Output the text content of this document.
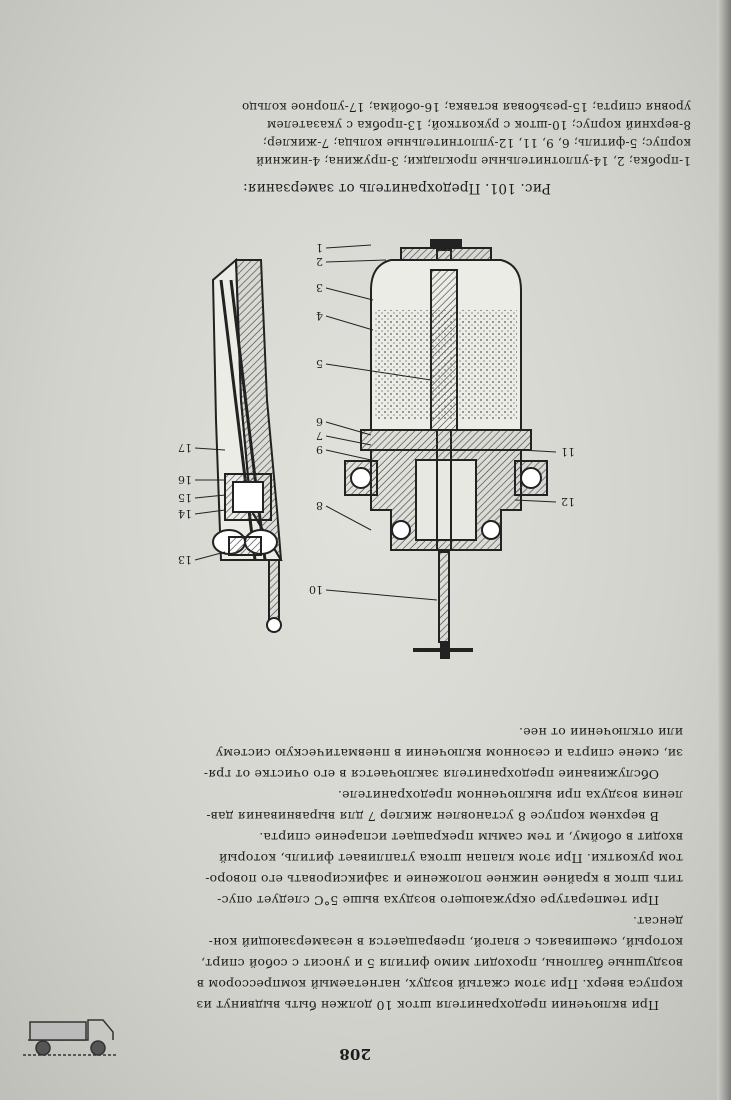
208
При включении предохранителя шток 10 должен быть выдвинут из
корпуса вверх. При этом сжатый воздух, нагнетаемый компрессором в
воздушные баллоны, проходит мимо фитиля 5 и уносит с собой спирт,
который, смешиваясь с влагой, превращается в незамерзающий кон-
денсат.
При температуре окружающего воздуха выше 5°С следует опус-
тить шток в крайнее нижнее положение и зафиксировать его поворо-
том рукоятки. При этом клапан штока утапливает фитиль, который
входит в обойму, и тем самым прекращает испарение спирта.
В верхнем корпусе 8 установлен жиклер 7 для выравнивания дав-
ления воздуха при выключенном предохранителе.
Обслуживание предохранителя заключается в его очистке от гря-
зи, смене спирта и сезонном включении в пневматическую систему
или отключении от нее.
1
2
3
4
5
6
7
8
9
10
11
12
13
14
15
16
17
Рис. 101. Предохранитель от замерзания:
1-пробка; 2, 14-уплотнительные прокладки; 3-пружина; 4-нижний
корпус; 5-фитиль; 6, 9, 11, 12-уплотнительные кольца; 7-жиклер;
8-верхний корпус; 10-шток с рукояткой; 13-пробка с указателем
уровня спирта; 15-резьбовая вставка; 16-обойма; 17-упорное кольцо
